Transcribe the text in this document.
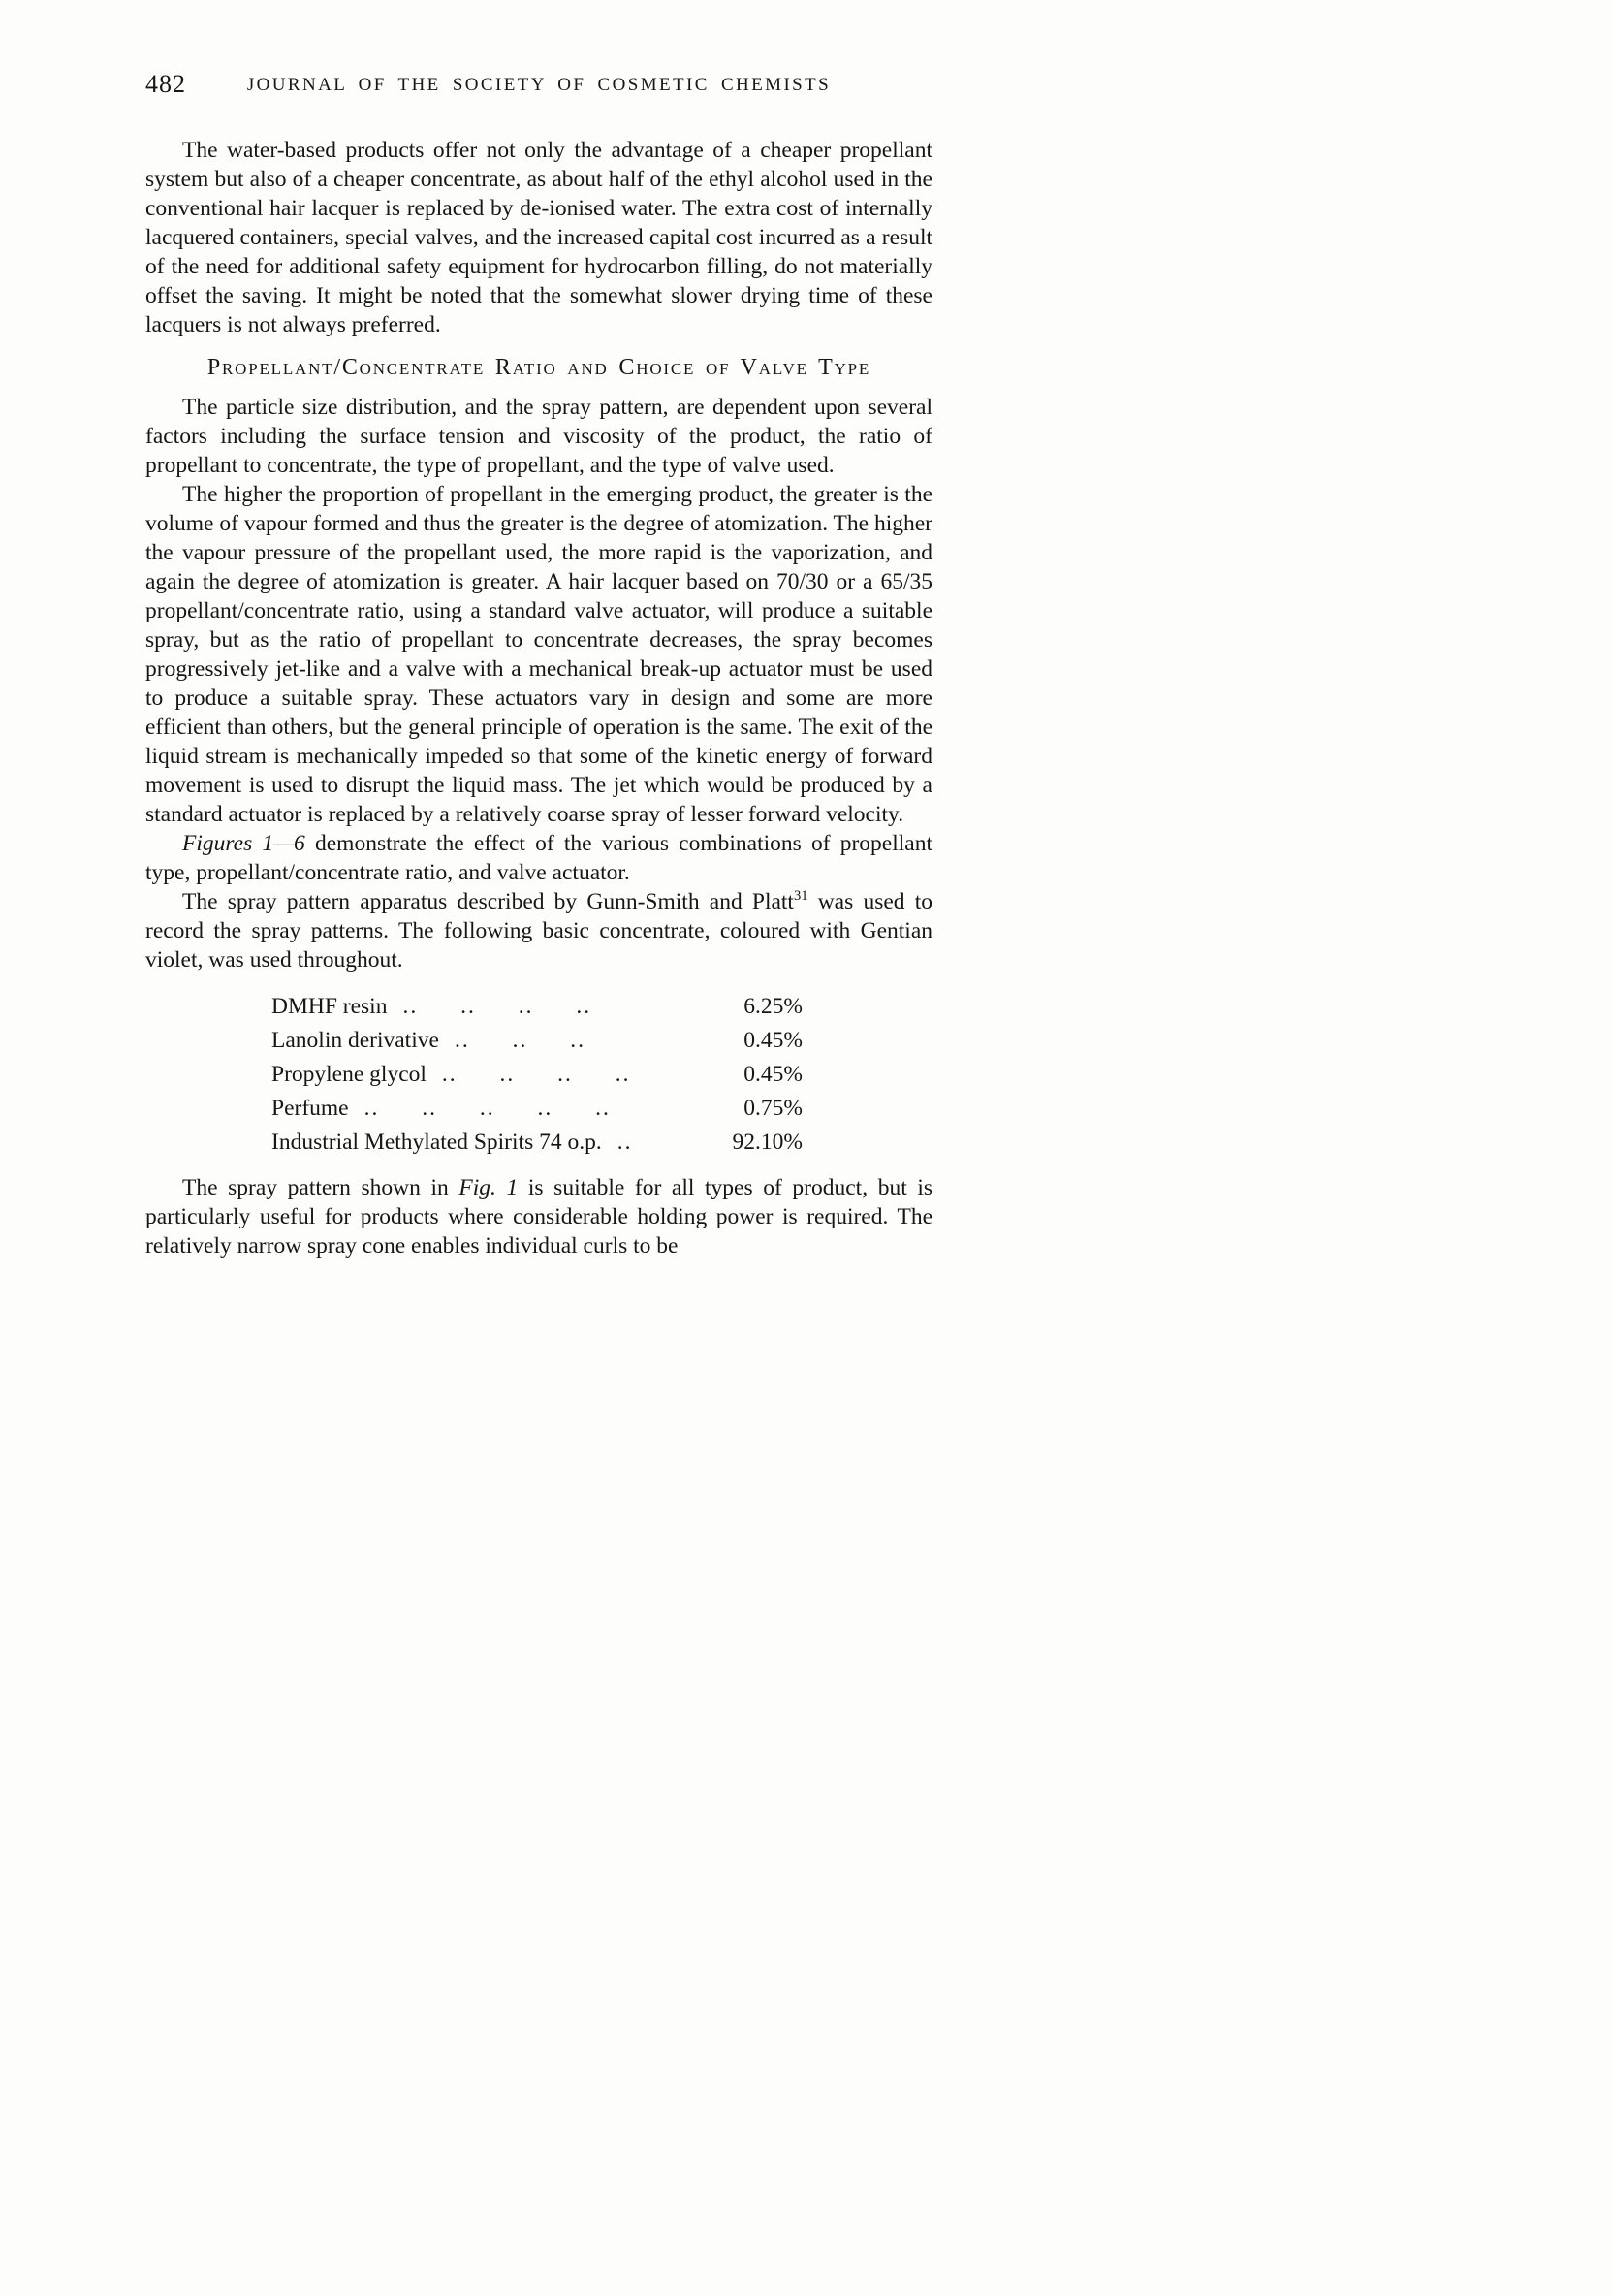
482	JOURNAL OF THE SOCIETY OF COSMETIC CHEMISTS

The water-based products offer not only the advantage of a cheaper propellant system but also of a cheaper concentrate, as about half of the ethyl alcohol used in the conventional hair lacquer is replaced by de-ionised water. The extra cost of internally lacquered containers, special valves, and the increased capital cost incurred as a result of the need for additional safety equipment for hydrocarbon filling, do not materially offset the saving. It might be noted that the somewhat slower drying time of these lacquers is not always preferred.

Propellant/Concentrate Ratio and Choice of Valve Type

The particle size distribution, and the spray pattern, are dependent upon several factors including the surface tension and viscosity of the product, the ratio of propellant to concentrate, the type of propellant, and the type of valve used.

The higher the proportion of propellant in the emerging product, the greater is the volume of vapour formed and thus the greater is the degree of atomization. The higher the vapour pressure of the propellant used, the more rapid is the vaporization, and again the degree of atomization is greater. A hair lacquer based on 70/30 or a 65/35 propellant/concentrate ratio, using a standard valve actuator, will produce a suitable spray, but as the ratio of propellant to concentrate decreases, the spray becomes progressively jet-like and a valve with a mechanical break-up actuator must be used to produce a suitable spray. These actuators vary in design and some are more efficient than others, but the general principle of operation is the same. The exit of the liquid stream is mechanically impeded so that some of the kinetic energy of forward movement is used to disrupt the liquid mass. The jet which would be produced by a standard actuator is replaced by a relatively coarse spray of lesser forward velocity.

Figures 1—6 demonstrate the effect of the various combinations of propellant type, propellant/concentrate ratio, and valve actuator.

The spray pattern apparatus described by Gunn-Smith and Platt$^{31}$ was used to record the spray patterns. The following basic concentrate, coloured with Gentian violet, was used throughout.

DMHF resin .. .. .. ..	6.25%
Lanolin derivative .. .. ..	0.45%
Propylene glycol .. .. .. ..	0.45%
Perfume .. .. .. .. ..	0.75%
Industrial Methylated Spirits 74 o.p. ..	92.10%

The spray pattern shown in Fig. 1 is suitable for all types of product, but is particularly useful for products where considerable holding power is required. The relatively narrow spray cone enables individual curls to be
